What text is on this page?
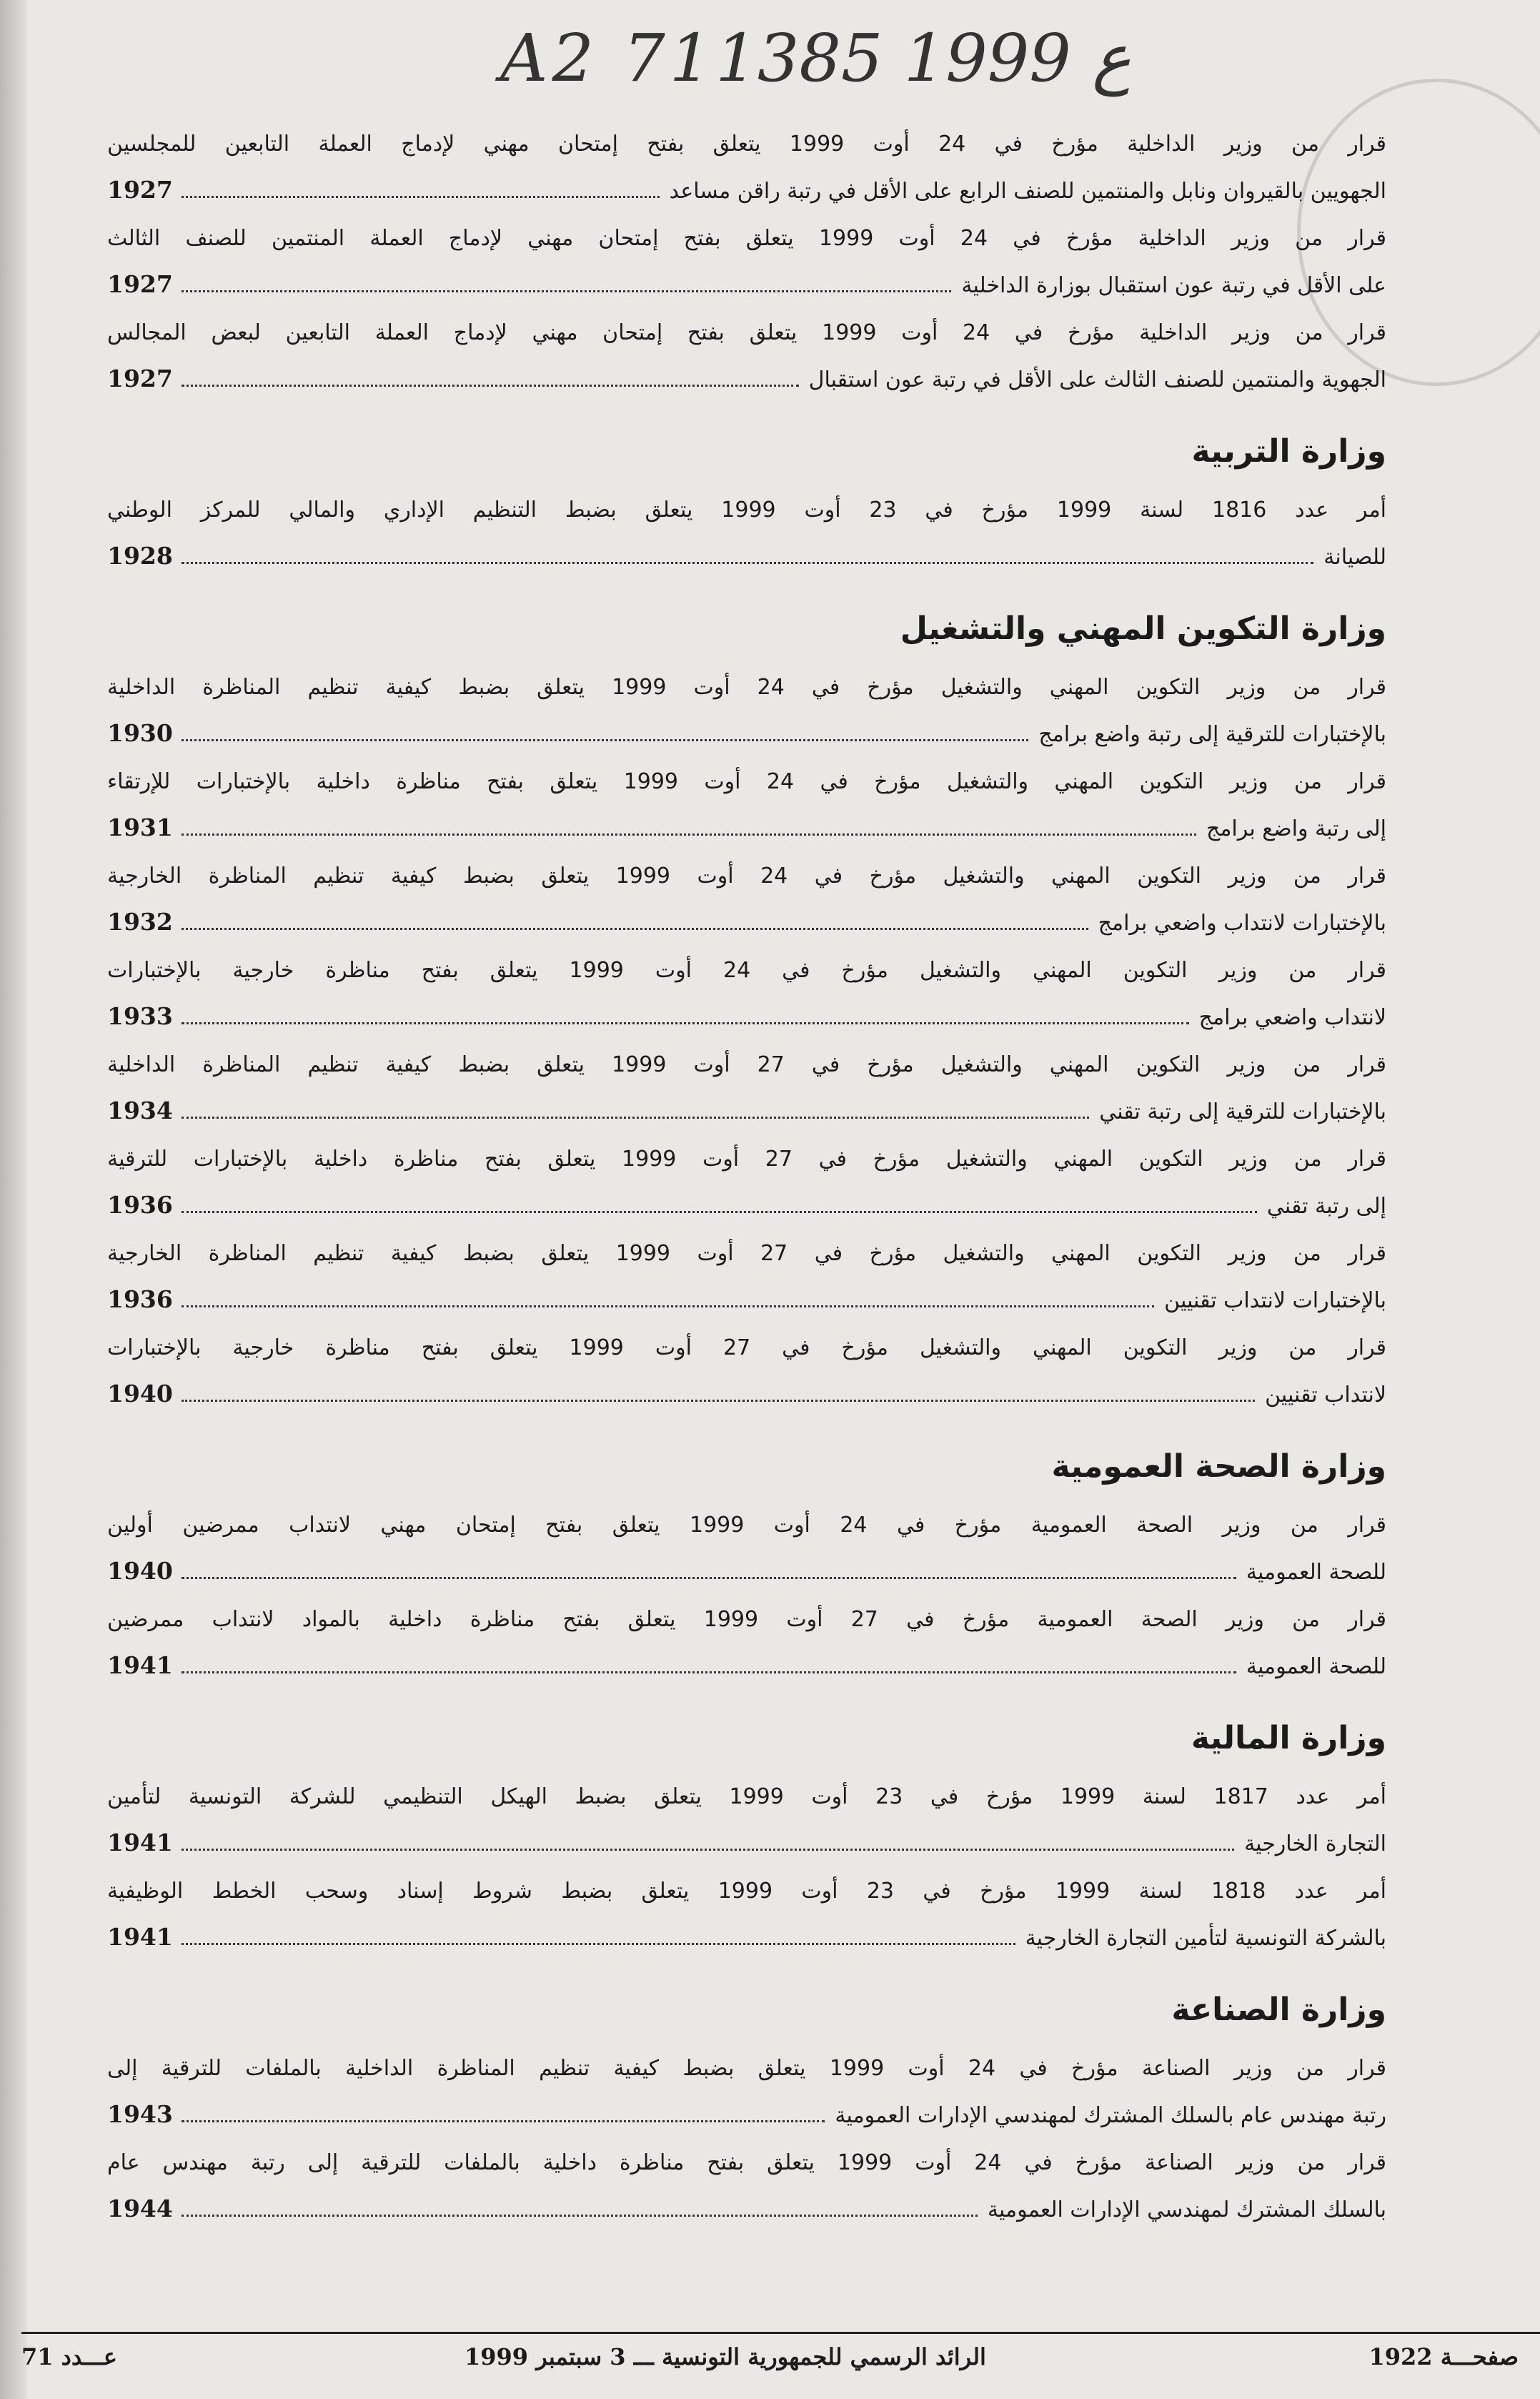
A2 71ع 1999 1385
قرار من وزير الداخلية مؤرخ في 24 أوت 1999 يتعلق بفتح إمتحان مهني لإدماج العملة التابعين للمجلسين
الجهويين بالقيروان ونابل والمنتمين للصنف الرابع على الأقل في رتبة راقن مساعد
1927
قرار من وزير الداخلية مؤرخ في 24 أوت 1999 يتعلق بفتح إمتحان مهني لإدماج العملة المنتمين للصنف الثالث
على الأقل في رتبة عون استقبال بوزارة الداخلية
1927
قرار من وزير الداخلية مؤرخ في 24 أوت 1999 يتعلق بفتح إمتحان مهني لإدماج العملة التابعين لبعض المجالس
الجهوية والمنتمين للصنف الثالث على الأقل في رتبة عون استقبال
1927
وزارة التربية
أمر عدد 1816 لسنة 1999 مؤرخ في 23 أوت 1999 يتعلق بضبط التنظيم الإداري والمالي للمركز الوطني
للصيانة
1928
وزارة التكوين المهني والتشغيل
قرار من وزير التكوين المهني والتشغيل مؤرخ في 24 أوت 1999 يتعلق بضبط كيفية تنظيم المناظرة الداخلية
بالإختبارات للترقية إلى رتبة واضع برامج
1930
قرار من وزير التكوين المهني والتشغيل مؤرخ في 24 أوت 1999 يتعلق بفتح مناظرة داخلية بالإختبارات للإرتقاء
إلى رتبة واضع برامج
1931
قرار من وزير التكوين المهني والتشغيل مؤرخ في 24 أوت 1999 يتعلق بضبط كيفية تنظيم المناظرة الخارجية
بالإختبارات لانتداب واضعي برامج
1932
قرار من وزير التكوين المهني والتشغيل مؤرخ في 24 أوت 1999 يتعلق بفتح مناظرة خارجية بالإختبارات
لانتداب واضعي برامج
1933
قرار من وزير التكوين المهني والتشغيل مؤرخ في 27 أوت 1999 يتعلق بضبط كيفية تنظيم المناظرة الداخلية
بالإختبارات للترقية إلى رتبة تقني
1934
قرار من وزير التكوين المهني والتشغيل مؤرخ في 27 أوت 1999 يتعلق بفتح مناظرة داخلية بالإختبارات للترقية
إلى رتبة تقني
1936
قرار من وزير التكوين المهني والتشغيل مؤرخ في 27 أوت 1999 يتعلق بضبط كيفية تنظيم المناظرة الخارجية
بالإختبارات لانتداب تقنيين
1936
قرار من وزير التكوين المهني والتشغيل مؤرخ في 27 أوت 1999 يتعلق بفتح مناظرة خارجية بالإختبارات
لانتداب تقنيين
1940
وزارة الصحة العمومية
قرار من وزير الصحة العمومية مؤرخ في 24 أوت 1999 يتعلق بفتح إمتحان مهني لانتداب ممرضين أولين
للصحة العمومية
1940
قرار من وزير الصحة العمومية مؤرخ في 27 أوت 1999 يتعلق بفتح مناظرة داخلية بالمواد لانتداب ممرضين
للصحة العمومية
1941
وزارة المالية
أمر عدد 1817 لسنة 1999 مؤرخ في 23 أوت 1999 يتعلق بضبط الهيكل التنظيمي للشركة التونسية لتأمين
التجارة الخارجية
1941
أمر عدد 1818 لسنة 1999 مؤرخ في 23 أوت 1999 يتعلق بضبط شروط إسناد وسحب الخطط الوظيفية
بالشركة التونسية لتأمين التجارة الخارجية
1941
وزارة الصناعة
قرار من وزير الصناعة مؤرخ في 24 أوت 1999 يتعلق بضبط كيفية تنظيم المناظرة الداخلية بالملفات للترقية إلى
رتبة مهندس عام بالسلك المشترك لمهندسي الإدارات العمومية
1943
قرار من وزير الصناعة مؤرخ في 24 أوت 1999 يتعلق بفتح مناظرة داخلية بالملفات للترقية إلى رتبة مهندس عام
بالسلك المشترك لمهندسي الإدارات العمومية
1944
صفحـــة 1922
الرائد الرسمي للجمهورية التونسية ـــ 3 سبتمبر 1999
عـــدد 71
